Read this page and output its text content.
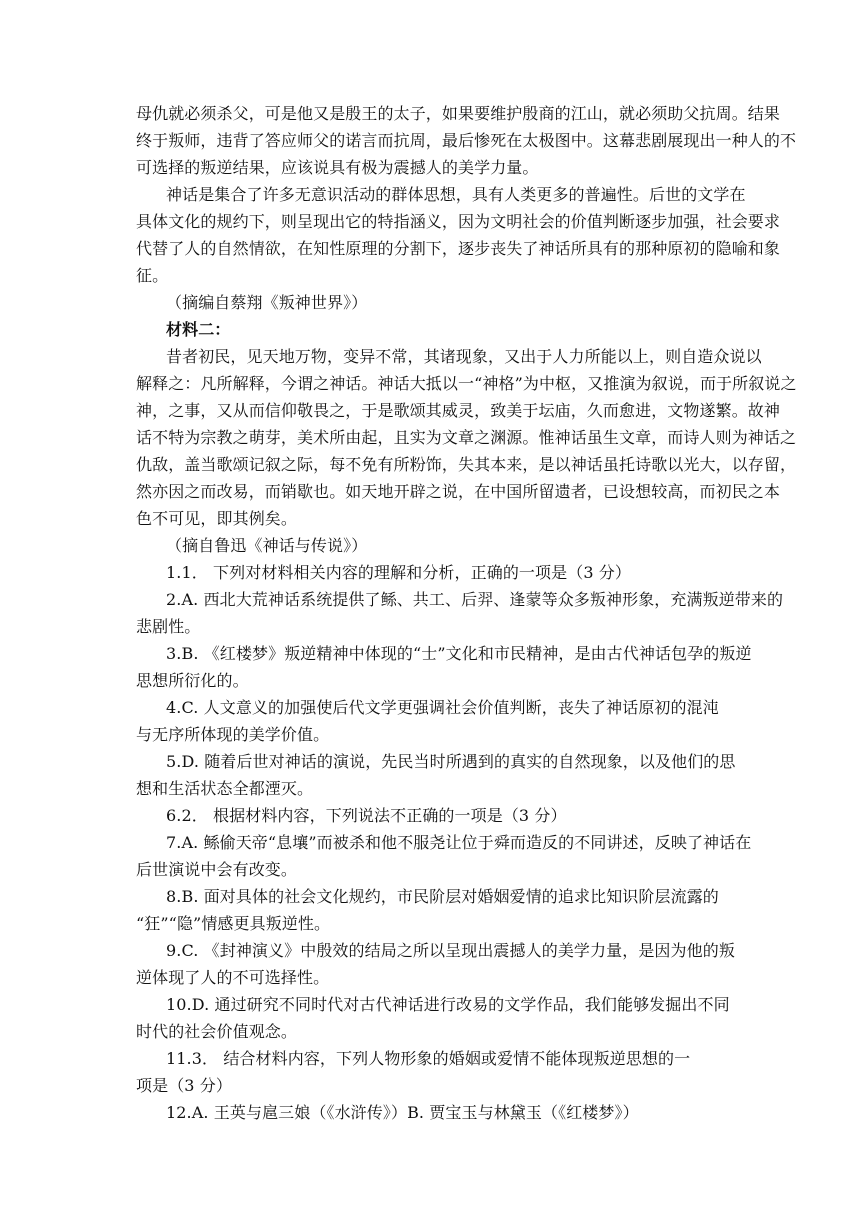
母仇就必须杀父，可是他又是殷王的太子，如果要维护殷商的江山，就必须助父抗周。结果
终于叛师，违背了答应师父的诺言而抗周，最后惨死在太极图中。这幕悲剧展现出一种人的不
可选择的叛逆结果，应该说具有极为震撼人的美学力量。
神话是集合了许多无意识活动的群体思想，具有人类更多的普遍性。后世的文学在
具体文化的规约下，则呈现出它的特指涵义，因为文明社会的价值判断逐步加强，社会要求
代替了人的自然情欲，在知性原理的分割下，逐步丧失了神话所具有的那种原初的隐喻和象
征。
（摘编自蔡翔《叛神世界》）
材料二：
昔者初民，见天地万物，变异不常，其诸现象，又出于人力所能以上，则自造众说以
解释之：凡所解释，今谓之神话。神话大抵以一“神格”为中枢，又推演为叙说，而于所叙说之
神，之事，又从而信仰敬畏之，于是歌颂其威灵，致美于坛庙，久而愈进，文物遂繁。故神
话不特为宗教之萌芽，美术所由起，且实为文章之渊源。惟神话虽生文章，而诗人则为神话之
仇敌，盖当歌颂记叙之际，每不免有所粉饰，失其本来，是以神话虽托诗歌以光大，以存留，
然亦因之而改易，而销歇也。如天地开辟之说，在中国所留遗者，已设想较高，而初民之本
色不可见，即其例矣。
（摘自鲁迅《神话与传说》）
1.1． 下列对材料相关内容的理解和分析，正确的一项是（3 分）
2.A. 西北大荒神话系统提供了鲧、共工、后羿、逢蒙等众多叛神形象，充满叛逆带来的
悲剧性。
3.B. 《红楼梦》叛逆精神中体现的“士”文化和市民精神，是由古代神话包孕的叛逆
思想所衍化的。
4.C. 人文意义的加强使后代文学更强调社会价值判断，丧失了神话原初的混沌
与无序所体现的美学价值。
5.D. 随着后世对神话的演说，先民当时所遇到的真实的自然现象，以及他们的思
想和生活状态全都湮灭。
6.2． 根据材料内容，下列说法不正确的一项是（3 分）
7.A. 鲧偷天帝“息壤”而被杀和他不服尧让位于舜而造反的不同讲述，反映了神话在
后世演说中会有改变。
8.B. 面对具体的社会文化规约，市民阶层对婚姻爱情的追求比知识阶层流露的
“狂”“隐”情感更具叛逆性。
9.C. 《封神演义》中殷效的结局之所以呈现出震撼人的美学力量，是因为他的叛
逆体现了人的不可选择性。
10.D. 通过研究不同时代对古代神话进行改易的文学作品，我们能够发掘出不同
时代的社会价值观念。
11.3． 结合材料内容，下列人物形象的婚姻或爱情不能体现叛逆思想的一
项是（3 分）
12.A. 王英与扈三娘（《水浒传》）B. 贾宝玉与林黛玉（《红楼梦》）
